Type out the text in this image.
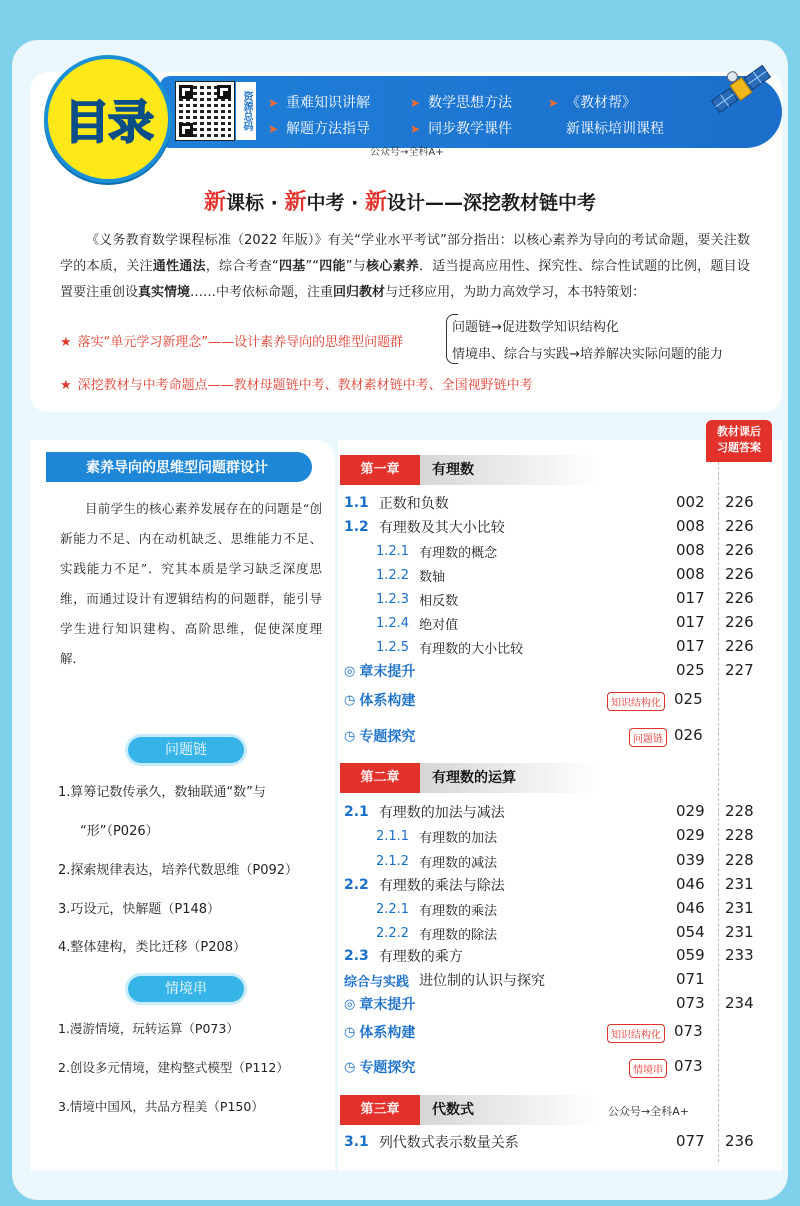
目录	资源总码	➤ 重难知识讲解	➤ 数学思想方法	➤ 《教材帮》
➤ 解题方法指导	➤ 同步教学课件	新课标培训课程
公众号→全科A+
新课标 · 新中考 · 新设计——深挖教材链中考
《义务教育数学课程标准（2022 年版）》有关“学业水平考试”部分指出：以核心素养为导向的考试命题，要关注数学的本质，关注通性通法，综合考查“四基”“四能”与核心素养．适当提高应用性、探究性、综合性试题的比例，题目设置要注重创设真实情境……中考依标命题，注重回归教材与迁移应用，为助力高效学习，本书特策划：
★ 落实“单元学习新理念”——设计素养导向的思维型问题群
问题链→促进数学知识结构化
情境串、综合与实践→培养解决实际问题的能力
★ 深挖教材与中考命题点——教材母题链中考、教材素材链中考、全国视野链中考
素养导向的思维型问题群设计
目前学生的核心素养发展存在的问题是“创新能力不足、内在动机缺乏、思维能力不足、实践能力不足”．究其本质是学习缺乏深度思维，而通过设计有逻辑结构的问题群，能引导学生进行知识建构、高阶思维，促使深度理解．
问题链
1.算筹记数传承久，数轴联通“数”与
“形”（P026）
2.探索规律表达，培养代数思维（P092）
3.巧设元，快解题（P148）
4.整体建构，类比迁移（P208）
情境串
1.漫游情境，玩转运算（P073）
2.创设多元情境，建构整式模型（P112）
3.情境中国风，共品方程美（P150）
教材课后
习题答案
第一章	有理数
第二章	有理数的运算
第三章	代数式	公众号→全科A+
1.1 正数和负数	002 226
1.2 有理数及其大小比较	008 226
1.2.1 有理数的概念	008 226
1.2.2 数轴	008 226
1.2.3 相反数	017 226
1.2.4 绝对值	017 226
1.2.5 有理数的大小比较	017 226
◎ 章末提升	025 227
◷ 体系构建	知识结构化 025
◷ 专题探究	问题链 026
2.1 有理数的加法与减法	029 228
2.1.1 有理数的加法	029 228
2.1.2 有理数的减法	039 228
2.2 有理数的乘法与除法	046 231
2.2.1 有理数的乘法	046 231
2.2.2 有理数的除法	054 231
2.3 有理数的乘方	059 233
综合与实践 进位制的认识与探究	071
◎ 章末提升	073 234
◷ 体系构建	知识结构化 073
◷ 专题探究	情境串 073
3.1 列代数式表示数量关系	077 236
